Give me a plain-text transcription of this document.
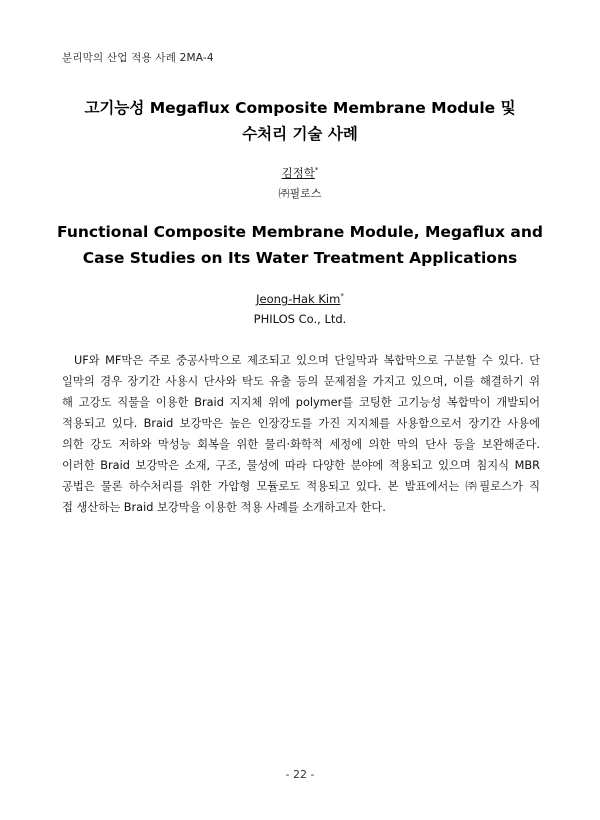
분리막의 산업 적용 사례 2MA-4
고기능성 Megaflux Composite Membrane Module 및
수처리 기술 사례
김정학*
㈜필로스
Functional Composite Membrane Module, Megaflux and
Case Studies on Its Water Treatment Applications
Jeong-Hak Kim*
PHILOS Co., Ltd.
UF와 MF막은 주로 중공사막으로 제조되고 있으며 단일막과 복합막으로 구분할 수 있다. 단
일막의 경우 장기간 사용시 단사와 탁도 유출 등의 문제점을 가지고 있으며, 이를 해결하기 위
해 고강도 직물을 이용한 Braid 지지체 위에 polymer를 코팅한 고기능성 복합막이 개발되어
적용되고 있다. Braid 보강막은 높은 인장강도를 가진 지지체를 사용함으로서 장기간 사용에
의한 강도 저하와 막성능 회복을 위한 물리·화학적 세정에 의한 막의 단사 등을 보완해준다.
이러한 Braid 보강막은 소재, 구조, 물성에 따라 다양한 분야에 적용되고 있으며 침지식 MBR
공법은 물론 하수처리를 위한 가압형 모듈로도 적용되고 있다. 본 발표에서는 ㈜필로스가 직
접 생산하는 Braid 보강막을 이용한 적용 사례를 소개하고자 한다.
- 22 -
